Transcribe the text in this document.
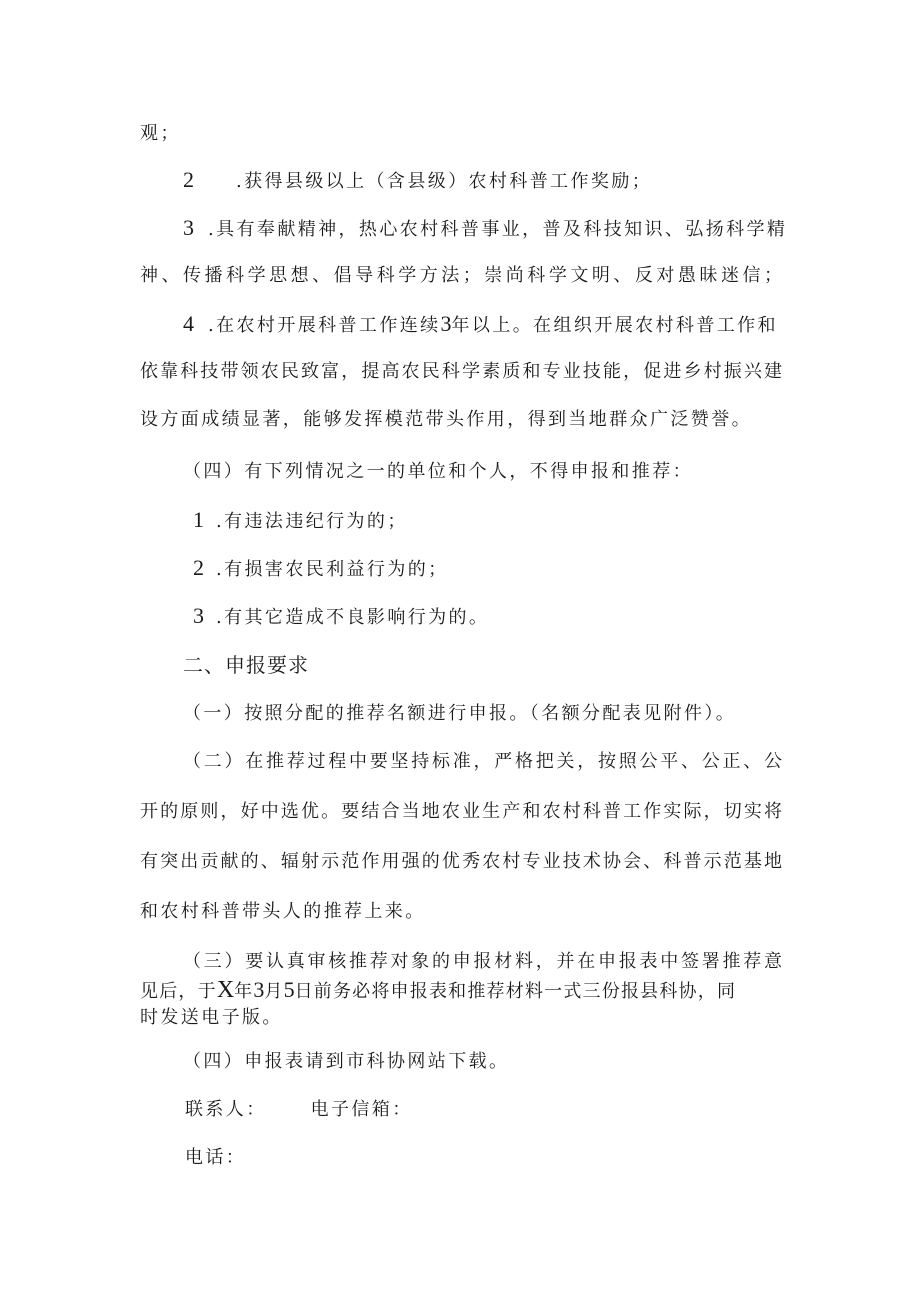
观；
2 .获得县级以上（含县级）农村科普工作奖励；
3 .具有奉献精神，热心农村科普事业，普及科技知识、弘扬科学精
神、传播科学思想、倡导科学方法；崇尚科学文明、反对愚昧迷信；
4 .在农村开展科普工作连续3年以上。在组织开展农村科普工作和
依靠科技带领农民致富，提高农民科学素质和专业技能，促进乡村振兴建
设方面成绩显著，能够发挥模范带头作用，得到当地群众广泛赞誉。
（四）有下列情况之一的单位和个人，不得申报和推荐：
1 .有违法违纪行为的；
2 .有损害农民利益行为的；
3 .有其它造成不良影响行为的。
二、申报要求
（一）按照分配的推荐名额进行申报。（名额分配表见附件）。
（二）在推荐过程中要坚持标准，严格把关，按照公平、公正、公
开的原则，好中选优。要结合当地农业生产和农村科普工作实际，切实将
有突出贡献的、辐射示范作用强的优秀农村专业技术协会、科普示范基地
和农村科普带头人的推荐上来。
（三）要认真审核推荐对象的申报材料，并在申报表中签署推荐意
见后，于X年3月5日前务必将申报表和推荐材料一式三份报县科协，同
时发送电子版。
（四）申报表请到市科协网站下载。
联系人： 电子信箱：
电话：
